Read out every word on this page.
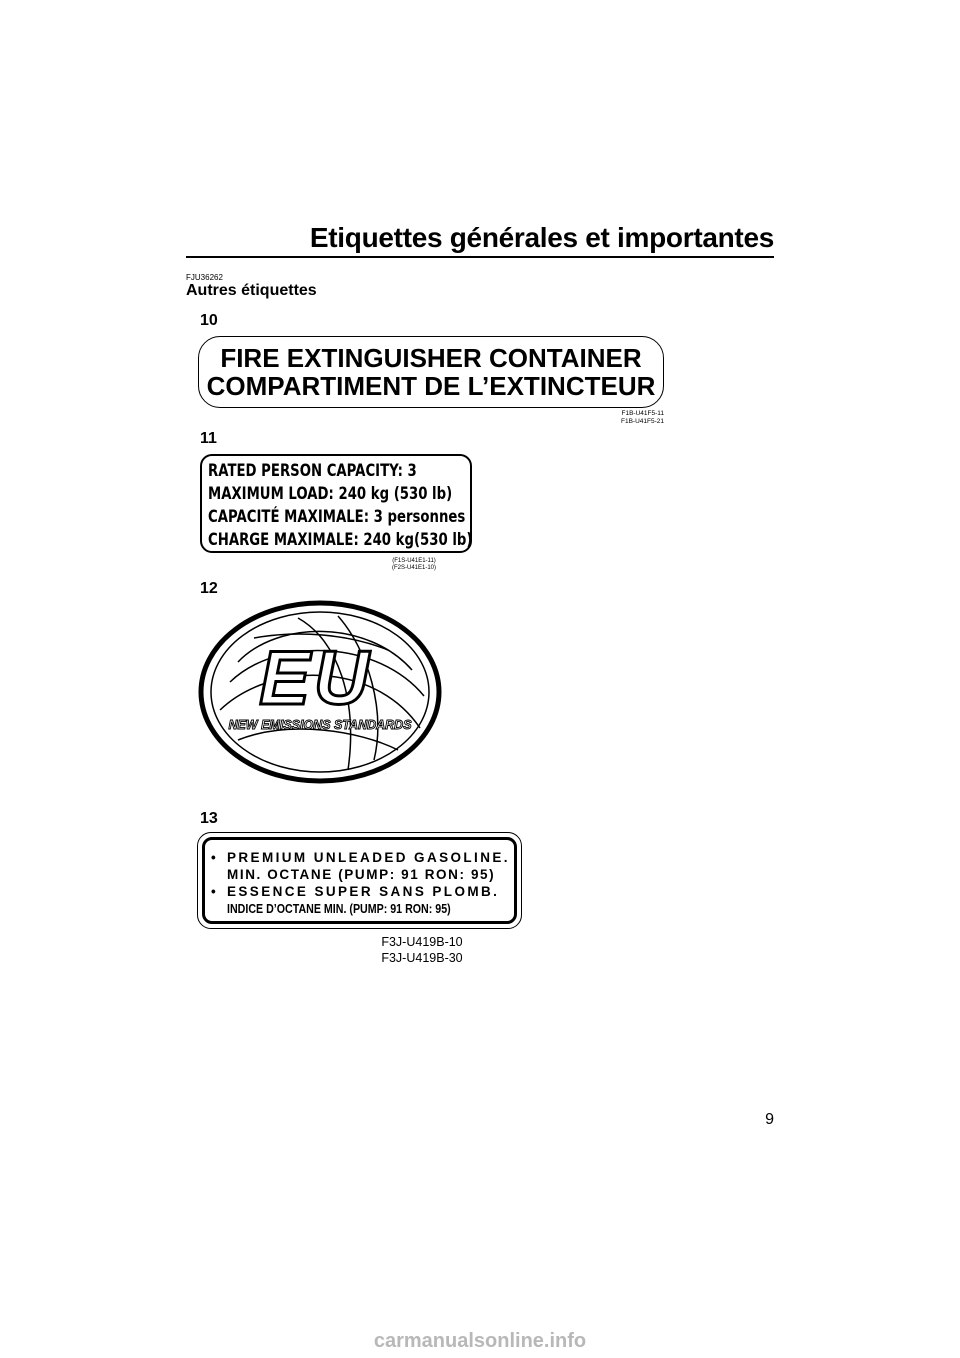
Etiquettes générales et importantes
FJU36262
Autres étiquettes
10
FIRE EXTINGUISHER CONTAINER
COMPARTIMENT DE L’EXTINCTEUR
F1B-U41F5-11
F1B-U41F5-21
11
RATED PERSON CAPACITY: 3
MAXIMUM LOAD: 240 kg (530 lb)
CAPACITÉ MAXIMALE: 3 personnes
CHARGE MAXIMALE: 240 kg(530 lb)
(F1S-U41E1-11)
(F2S-U41E1-10)
12
EU
NEW EMISSIONS STANDARDS
13
• PREMIUM UNLEADED GASOLINE.
MIN. OCTANE (PUMP: 91 RON: 95)
• ESSENCE SUPER SANS PLOMB.
INDICE D’OCTANE MIN. (PUMP: 91 RON: 95)
F3J-U419B-10
F3J-U419B-30
9
carmanualsonline.info
